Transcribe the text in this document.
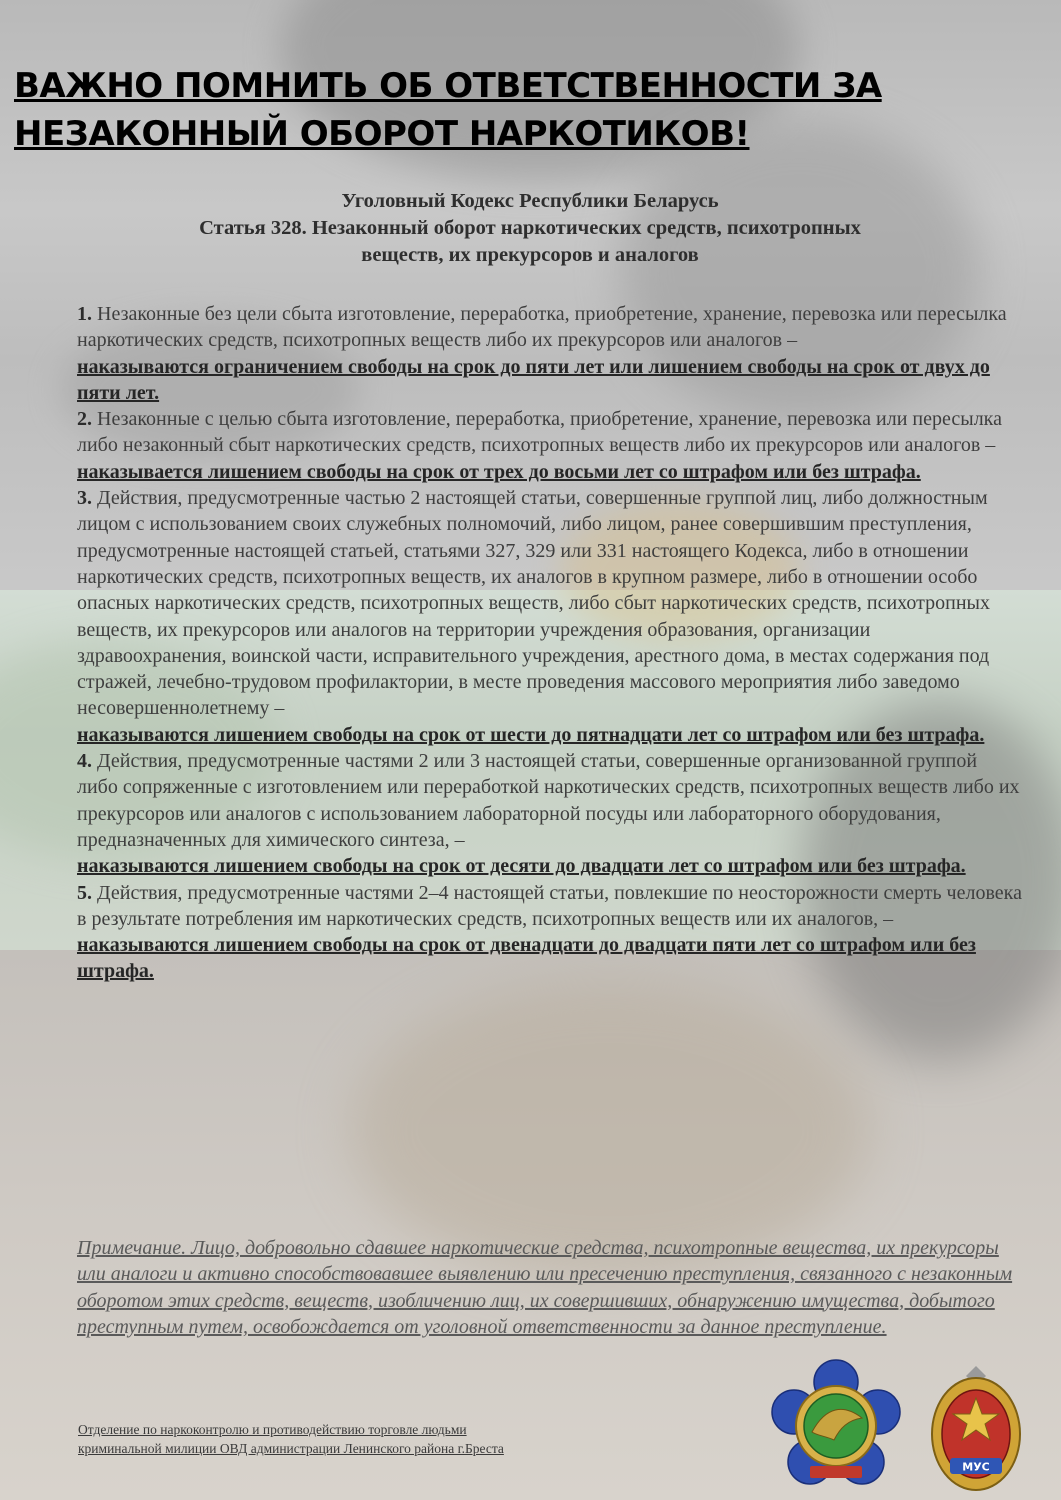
ВАЖНО ПОМНИТЬ ОБ ОТВЕТСТВЕННОСТИ ЗА
НЕЗАКОННЫЙ ОБОРОТ НАРКОТИКОВ!
Уголовный Кодекс Республики Беларусь
Статья 328. Незаконный оборот наркотических средств, психотропных
веществ, их прекурсоров и аналогов

1. Незаконные без цели сбыта изготовление, переработка, приобретение, хранение, перевозка или пересылка наркотических средств, психотропных веществ либо их прекурсоров или аналогов –

наказываются ограничением свободы на срок до пяти лет или лишением свободы на срок от двух до пяти лет.

2. Незаконные с целью сбыта изготовление, переработка, приобретение, хранение, перевозка или пересылка либо незаконный сбыт наркотических средств, психотропных веществ либо их прекурсоров или аналогов –

наказывается лишением свободы на срок от трех до восьми лет со штрафом или без штрафа.

3. Действия, предусмотренные частью 2 настоящей статьи, совершенные группой лиц, либо должностным лицом с использованием своих служебных полномочий, либо лицом, ранее совершившим преступления, предусмотренные настоящей статьей, статьями 327, 329 или 331 настоящего Кодекса, либо в отношении наркотических средств, психотропных веществ, их аналогов в крупном размере, либо в отношении особо опасных наркотических средств, психотропных веществ, либо сбыт наркотических средств, психотропных веществ, их прекурсоров или аналогов на территории учреждения образования, организации здравоохранения, воинской части, исправительного учреждения, арестного дома, в местах содержания под стражей, лечебно-трудовом профилактории, в месте проведения массового мероприятия либо заведомо несовершеннолетнему –

наказываются лишением свободы на срок от шести до пятнадцати лет со штрафом или без штрафа.

4. Действия, предусмотренные частями 2 или 3 настоящей статьи, совершенные организованной группой либо сопряженные с изготовлением или переработкой наркотических средств, психотропных веществ либо их прекурсоров или аналогов с использованием лабораторной посуды или лабораторного оборудования, предназначенных для химического синтеза, –

наказываются лишением свободы на срок от десяти до двадцати лет со штрафом или без штрафа.

5. Действия, предусмотренные частями 2–4 настоящей статьи, повлекшие по неосторожности смерть человека в результате потребления им наркотических средств, психотропных веществ или их аналогов, –

наказываются лишением свободы на срок от двенадцати до двадцати пяти лет со штрафом или без штрафа.

Примечание. Лицо, добровольно сдавшее наркотические средства, психотропные вещества, их прекурсоры или аналоги и активно способствовавшее выявлению или пресечению преступления, связанного с незаконным оборотом этих средств, веществ, изобличению лиц, их совершивших, обнаружению имущества, добытого преступным путем, освобождается от уголовной ответственности за данное преступление.

Отделение по наркоконтролю и противодействию торговле людьми
криминальной милиции ОВД администрации Ленинского района г.Бреста
МУС
